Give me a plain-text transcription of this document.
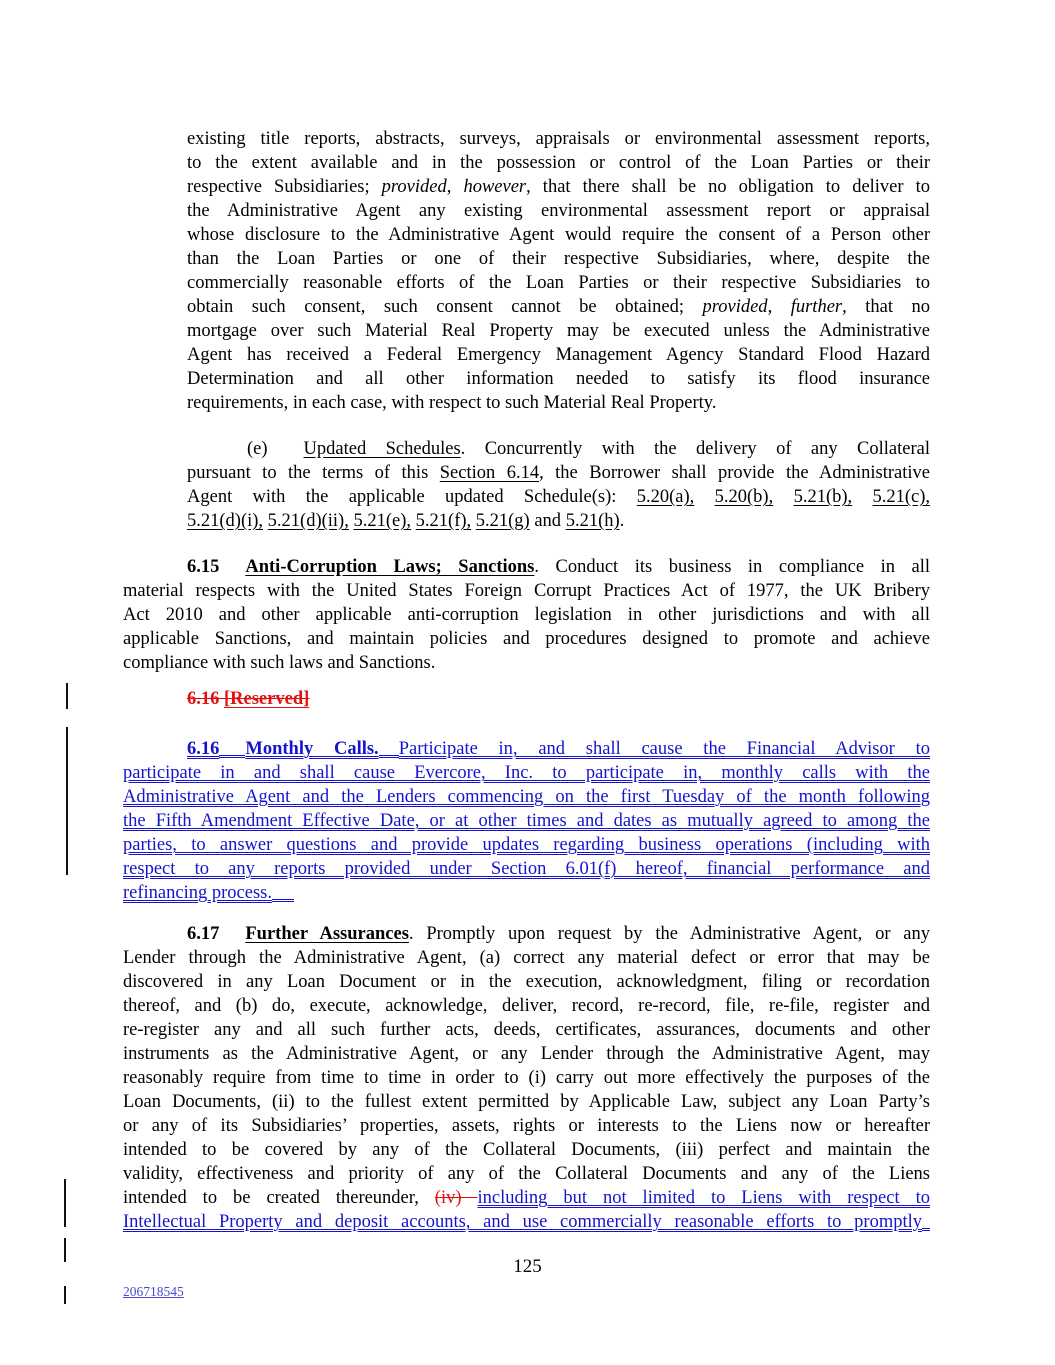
existing title reports, abstracts, surveys, appraisals or environmental assessment reports,
to the extent available and in the possession or control of the Loan Parties or their
respective Subsidiaries; provided, however, that there shall be no obligation to deliver to
the Administrative Agent any existing environmental assessment report or appraisal
whose disclosure to the Administrative Agent would require the consent of a Person other
than the Loan Parties or one of their respective Subsidiaries, where, despite the
commercially reasonable efforts of the Loan Parties or their respective Subsidiaries to
obtain such consent, such consent cannot be obtained; provided, further, that no
mortgage over such Material Real Property may be executed unless the Administrative
Agent has received a Federal Emergency Management Agency Standard Flood Hazard
Determination and all other information needed to satisfy its flood insurance
requirements, in each case, with respect to such Material Real Property.
(e) Updated Schedules. Concurrently with the delivery of any Collateral
pursuant to the terms of this Section 6.14, the Borrower shall provide the Administrative
Agent with the applicable updated Schedule(s): 5.20(a), 5.20(b), 5.21(b), 5.21(c),
5.21(d)(i), 5.21(d)(ii), 5.21(e), 5.21(f), 5.21(g) and 5.21(h).
6.15 Anti-Corruption Laws; Sanctions. Conduct its business in compliance in all
material respects with the United States Foreign Corrupt Practices Act of 1977, the UK Bribery
Act 2010 and other applicable anti-corruption legislation in other jurisdictions and with all
applicable Sanctions, and maintain policies and procedures designed to promote and achieve
compliance with such laws and Sanctions.
6.16 [Reserved]
6.16 Monthly Calls. Participate in, and shall cause the Financial Advisor to
participate in and shall cause Evercore, Inc. to participate in, monthly calls with the
Administrative Agent and the Lenders commencing on the first Tuesday of the month following
the Fifth Amendment Effective Date, or at other times and dates as mutually agreed to among the
parties, to answer questions and provide updates regarding business operations (including with
respect to any reports provided under Section 6.01(f) hereof, financial performance and
refinancing process.
6.17 Further Assurances. Promptly upon request by the Administrative Agent, or any
Lender through the Administrative Agent, (a) correct any material defect or error that may be
discovered in any Loan Document or in the execution, acknowledgment, filing or recordation
thereof, and (b) do, execute, acknowledge, deliver, record, re-record, file, re-file, register and
re-register any and all such further acts, deeds, certificates, assurances, documents and other
instruments as the Administrative Agent, or any Lender through the Administrative Agent, may
reasonably require from time to time in order to (i) carry out more effectively the purposes of the
Loan Documents, (ii) to the fullest extent permitted by Applicable Law, subject any Loan Party’s
or any of its Subsidiaries’ properties, assets, rights or interests to the Liens now or hereafter
intended to be covered by any of the Collateral Documents, (iii) perfect and maintain the
validity, effectiveness and priority of any of the Collateral Documents and any of the Liens
intended to be created thereunder, (iv) including but not limited to Liens with respect to
Intellectual Property and deposit accounts, and use commercially reasonable efforts to promptly
125
206718545
